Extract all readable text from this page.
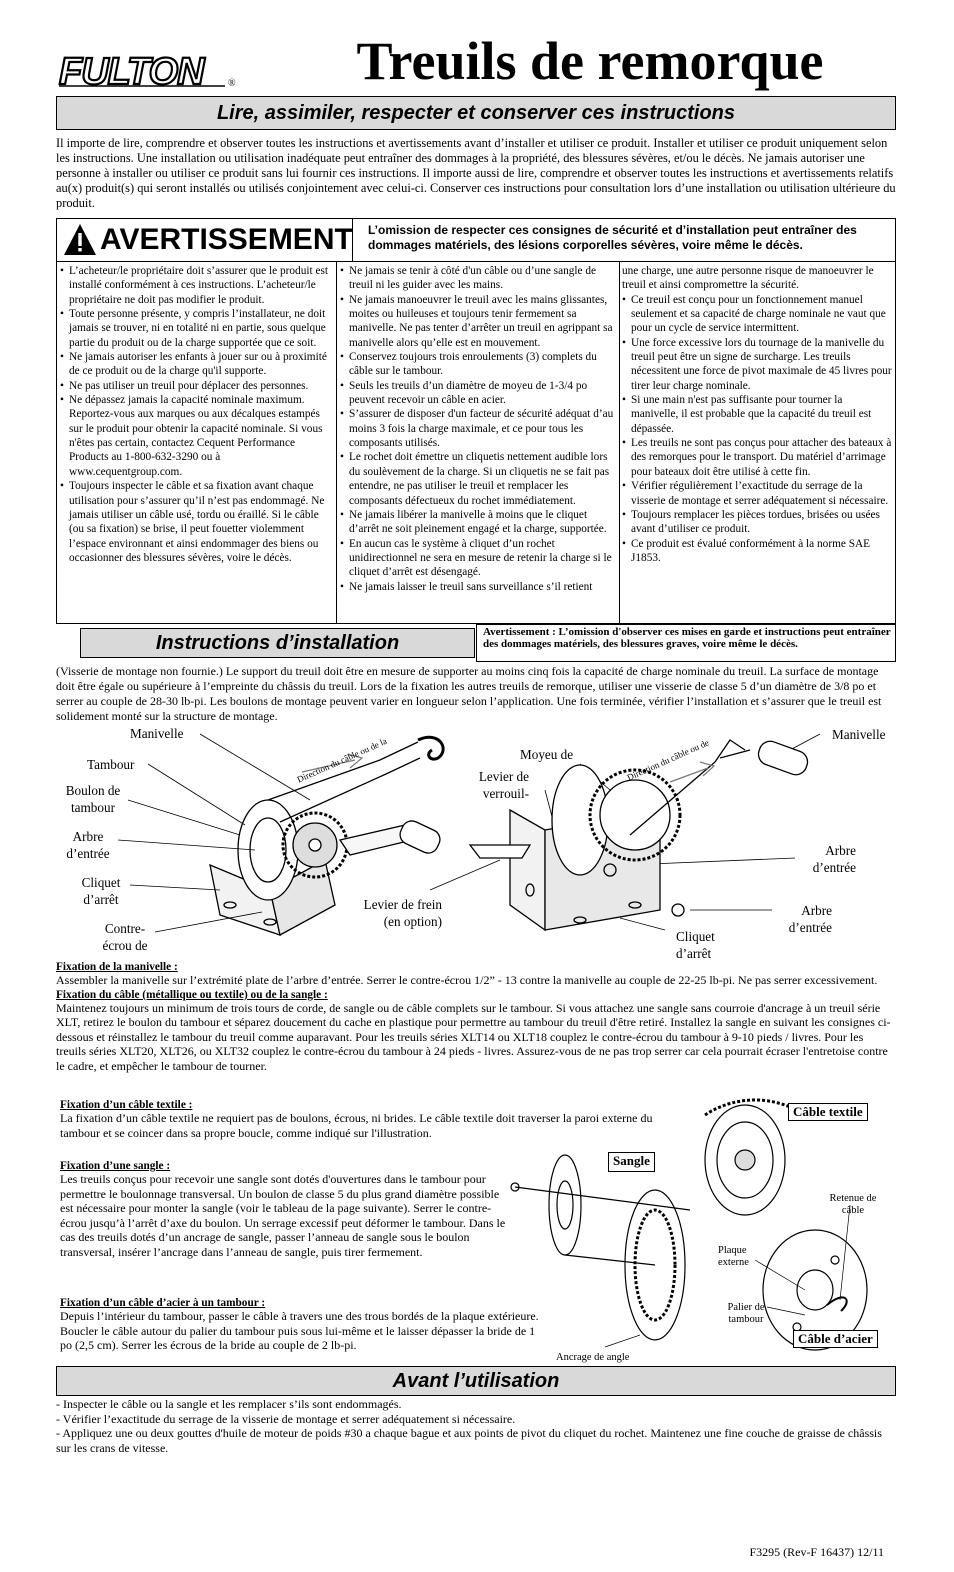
FULTON ®	Treuils de remorque
Lire, assimiler, respecter et conserver ces instructions
Il importe de lire, comprendre et observer toutes les instructions et avertissements avant d’installer et utiliser ce produit. Installer et utiliser ce produit uniquement selon les instructions. Une installation ou utilisation inadéquate peut entraîner des dommages à la propriété, des blessures sévères, et/ou le décès. Ne jamais autoriser une personne à installer ou utiliser ce produit sans lui fournir ces instructions. Il importe aussi de lire, comprendre et observer toutes les instructions et avertissements relatifs au(x) produit(s) qui seront installés ou utilisés conjointement avec celui-ci. Conserver ces instructions pour consultation lors d’une installation ou utilisation ultérieure du produit.
AVERTISSEMENT L’omission de respecter ces consignes de sécurité et d’installation peut entraîner des dommages matériels, des lésions corporelles sévères, voire même le décès.
• L’acheteur/le propriétaire doit s’assurer que le produit est installé conformément à ces instructions. L’acheteur/le propriétaire ne doit pas modifier le produit.
• Toute personne présente, y compris l’installateur, ne doit jamais se trouver, ni en totalité ni en partie, sous quelque partie du produit ou de la charge supportée que ce soit.
• Ne jamais autoriser les enfants à jouer sur ou à proximité de ce produit ou de la charge qu'il supporte.
• Ne pas utiliser un treuil pour déplacer des personnes.
• Ne dépassez jamais la capacité nominale maximum. Reportez-vous aux marques ou aux décalques estampés sur le produit pour obtenir la capacité nominale. Si vous n'êtes pas certain, contactez Cequent Performance Products au 1-800-632-3290 ou à www.cequentgroup.com.
• Toujours inspecter le câble et sa fixation avant chaque utilisation pour s’assurer qu’il n’est pas endommagé. Ne jamais utiliser un câble usé, tordu ou éraillé. Si le câble (ou sa fixation) se brise, il peut fouetter violemment l’espace environnant et ainsi endommager des biens ou occasionner des blessures sévères, voire le décès.
• Ne jamais se tenir à côté d'un câble ou d’une sangle de treuil ni les guider avec les mains.
• Ne jamais manoeuvrer le treuil avec les mains glissantes, moites ou huileuses et toujours tenir fermement sa manivelle. Ne pas tenter d’arrêter un treuil en agrippant sa manivelle alors qu’elle est en mouvement.
• Conservez toujours trois enroulements (3) complets du câble sur le tambour.
• Seuls les treuils d’un diamètre de moyeu de 1-3/4 po peuvent recevoir un câble en acier.
• S’assurer de disposer d'un facteur de sécurité adéquat d’au moins 3 fois la charge maximale, et ce pour tous les composants utilisés.
• Le rochet doit émettre un cliquetis nettement audible lors du soulèvement de la charge. Si un cliquetis ne se fait pas entendre, ne pas utiliser le treuil et remplacer les composants défectueux du rochet immédiatement.
• Ne jamais libérer la manivelle à moins que le cliquet d’arrêt ne soit pleinement engagé et la charge, supportée.
• En aucun cas le système à cliquet d’un rochet unidirectionnel ne sera en mesure de retenir la charge si le cliquet d’arrêt est désengagé.
• Ne jamais laisser le treuil sans surveillance s’il retient
une charge, une autre personne risque de manoeuvrer le treuil et ainsi compromettre la sécurité.
• Ce treuil est conçu pour un fonctionnement manuel seulement et sa capacité de charge nominale ne vaut que pour un cycle de service intermittent.
• Une force excessive lors du tournage de la manivelle du treuil peut être un signe de surcharge. Les treuils nécessitent une force de pivot maximale de 45 livres pour tirer leur charge nominale.
• Si une main n'est pas suffisante pour tourner la manivelle, il est probable que la capacité du treuil est dépassée.
• Les treuils ne sont pas conçus pour attacher des bateaux à des remorques pour le transport. Du matériel d’arrimage pour bateaux doit être utilisé à cette fin.
• Vérifier régulièrement l’exactitude du serrage de la visserie de montage et serrer adéquatement si nécessaire.
• Toujours remplacer les pièces tordues, brisées ou usées avant d’utiliser ce produit.
• Ce produit est évalué conformément à la norme SAE J1853.
Instructions d’installation	Avertissement : L’omission d'observer ces mises en garde et instructions peut entraîner des dommages matériels, des blessures graves, voire même le décès.
(Visserie de montage non fournie.) Le support du treuil doit être en mesure de supporter au moins cinq fois la capacité de charge nominale du treuil. La surface de montage doit être égale ou supérieure à l’empreinte du châssis du treuil. Lors de la fixation les autres treuils de remorque, utiliser une visserie de classe 5 d’un diamètre de 3/8 po et serrer au couple de 28-30 lb-pi. Les boulons de montage peuvent varier en longueur selon l’application. Une fois terminée, vérifier l’installation et s’assurer que le treuil est solidement monté sur la structure de montage.
Direction du câble ou de la
Manivelle
Tambour
Boulon de tambour
Arbre d’entrée
Cliquet d’arrêt
Contre-écrou de
Direction du câble ou de
Moyeu de
Levier de verrouil-
Levier de frein (en option)
Manivelle
Arbre d’entrée
Arbre d’entrée
Cliquet d’arrêt
Fixation de la manivelle :
Assembler la manivelle sur l’extrémité plate de l’arbre d’entrée. Serrer le contre-écrou 1/2” - 13 contre la manivelle au couple de 22-25 lb-pi. Ne pas serrer excessivement.
Fixation du câble (métallique ou textile) ou de la sangle :
Maintenez toujours un minimum de trois tours de corde, de sangle ou de câble complets sur le tambour. Si vous attachez une sangle sans courroie d'ancrage à un treuil série XLT, retirez le boulon du tambour et séparez doucement du cache en plastique pour permettre au tambour du treuil d'être retiré. Installez la sangle en suivant les consignes ci-dessous et réinstallez le tambour du treuil comme auparavant. Pour les treuils séries XLT14 ou XLT18 couplez le contre-écrou du tambour à 9-10 pieds / livres. Pour les treuils séries XLT20, XLT26, ou XLT32 couplez le contre-écrou du tambour à 24 pieds - livres. Assurez-vous de ne pas trop serrer car cela pourrait écraser l'entretoise contre le cadre, et empêcher le tambour de tourner.
Fixation d’un câble textile :
La fixation d’un câble textile ne requiert pas de boulons, écrous, ni brides. Le câble textile doit traverser la paroi externe du tambour et se coincer dans sa propre boucle, comme indiqué sur l'illustration.
Fixation d’une sangle :
Les treuils conçus pour recevoir une sangle sont dotés d'ouvertures dans le tambour pour permettre le boulonnage transversal. Un boulon de classe 5 du plus grand diamètre possible est nécessaire pour monter la sangle (voir le tableau de la page suivante). Serrer le contre-écrou jusqu’à l’arrêt d’axe du boulon. Un serrage excessif peut déformer le tambour. Dans le cas des treuils dotés d’un ancrage de sangle, passer l’anneau de sangle sous le boulon transversal, insérer l’ancrage dans l’anneau de sangle, puis tirer fermement.
Fixation d’un câble d’acier à un tambour :
Depuis l’intérieur du tambour, passer le câble à travers une des trous bordés de la plaque extérieure. Boucler le câble autour du palier du tambour puis sous lui-même et le laisser dépasser la bride de 1 po (2,5 cm). Serrer les écrous de la bride au couple de 2 lb-pi.
Câble textile
Sangle
Retenue de câble
Plaque externe
Palier de tambour
Câble d’acier
Ancrage de angle
Avant l’utilisation
- Inspecter le câble ou la sangle et les remplacer s’ils sont endommagés.
- Vérifier l’exactitude du serrage de la visserie de montage et serrer adéquatement si nécessaire.
- Appliquez une ou deux gouttes d'huile de moteur de poids #30 a chaque bague et aux points de pivot du cliquet du rochet. Maintenez une fine couche de graisse de châssis sur les crans de vitesse.
F3295 (Rev-F 16437) 12/11
